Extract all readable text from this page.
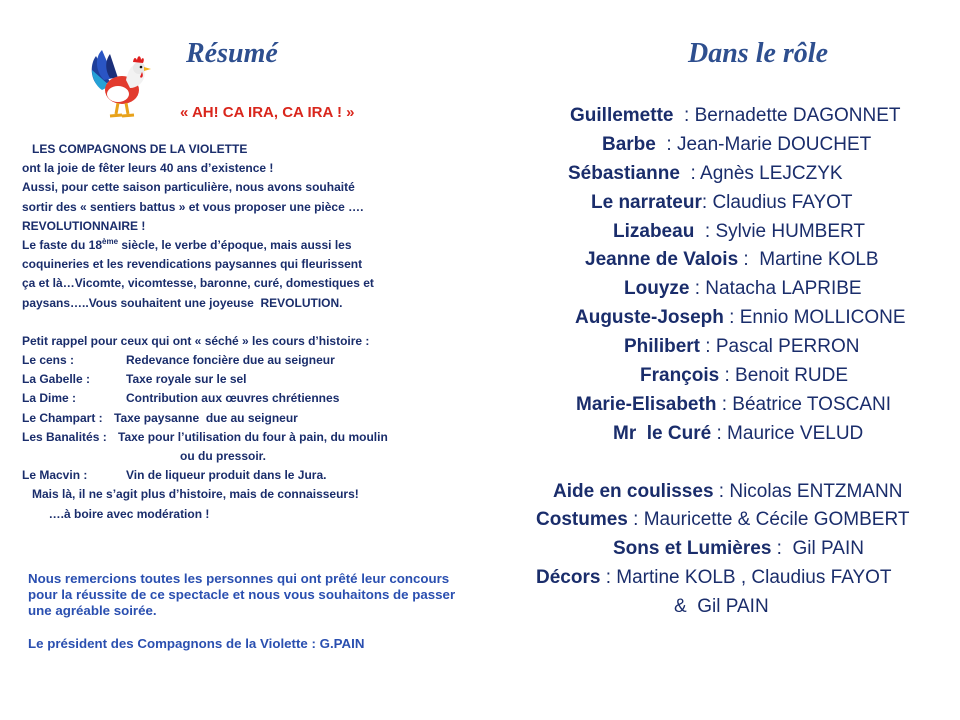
Résumé

« AH! CA IRA, CA IRA ! »

LES COMPAGNONS DE LA VIOLETTE
ont la joie de fêter leurs 40 ans d’existence !
Aussi, pour cette saison particulière, nous avons souhaité
sortir des « sentiers battus » et vous proposer une pièce ….
REVOLUTIONNAIRE !
Le faste du 18ème siècle, le verbe d’époque, mais aussi les
coquineries et les revendications paysannes qui fleurissent
ça et là…Vicomte, vicomtesse, baronne, curé, domestiques et
paysans…..Vous souhaitent une joyeuse  REVOLUTION.
Petit rappel pour ceux qui ont « séché » les cours d’histoire :
Le cens :	Redevance foncière due au seigneur
La Gabelle :	Taxe royale sur le sel
La Dime :	Contribution aux œuvres chrétiennes
Le Champart : Taxe paysanne  due au seigneur
Les Banalités : Taxe pour l’utilisation du four à pain, du moulin
ou du pressoir.
Le Macvin :	Vin de liqueur produit dans le Jura.
Mais là, il ne s’agit plus d’histoire, mais de connaisseurs!
….à boire avec modération !

Nous remercions toutes les personnes qui ont prêté leur concours pour la réussite de ce spectacle et nous vous souhaitons de passer une agréable soirée.

Le président des Compagnons de la Violette : G.PAIN

Dans le rôle
Guillemette  : Bernadette DAGONNET
Barbe  : Jean-Marie DOUCHET
Sébastianne  : Agnès LEJCZYK
Le narrateur: Claudius FAYOT
Lizabeau  : Sylvie HUMBERT
Jeanne de Valois :  Martine KOLB
Louyze : Natacha LAPRIBE
Auguste-Joseph : Ennio MOLLICONE
Philibert : Pascal PERRON
François : Benoit RUDE
Marie-Elisabeth : Béatrice TOSCANI
Mr  le Curé : Maurice VELUD
Aide en coulisses : Nicolas ENTZMANN
Costumes : Mauricette & Cécile GOMBERT
Sons et Lumières :  Gil PAIN
Décors : Martine KOLB , Claudius FAYOT
&  Gil PAIN
